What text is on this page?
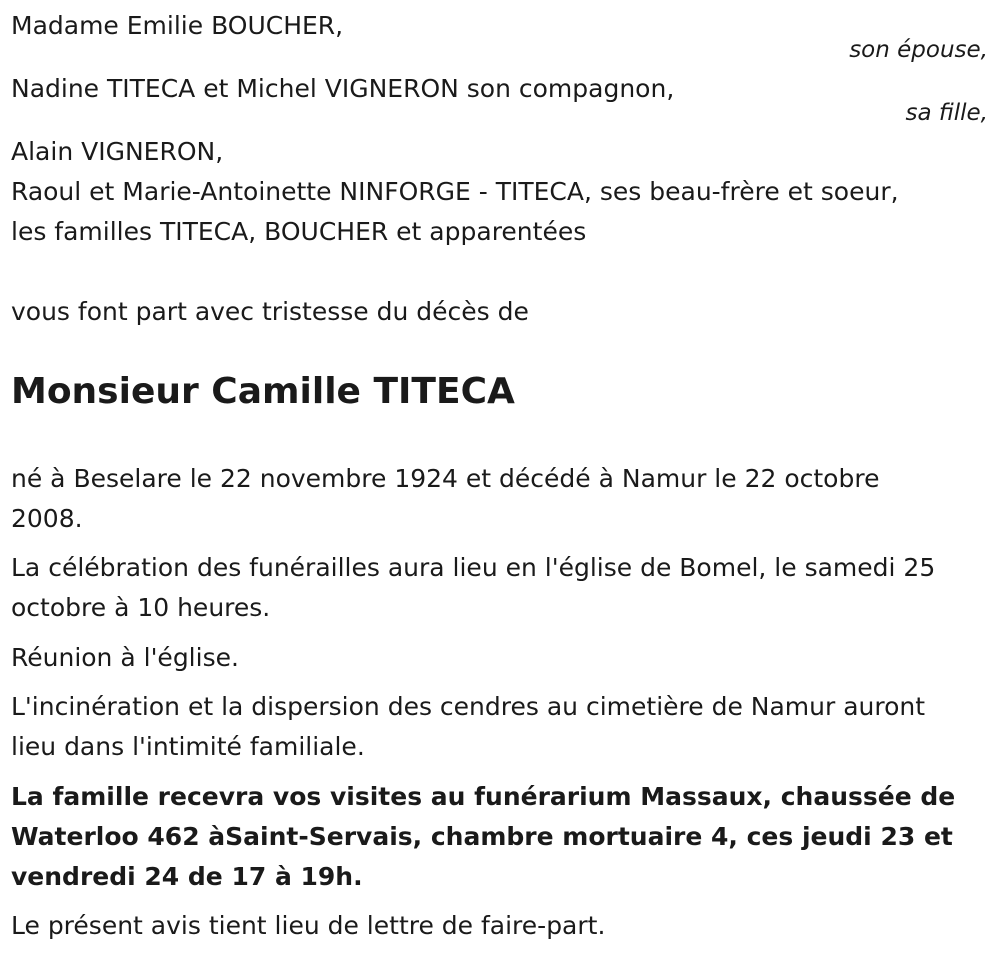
Madame Emilie BOUCHER,

son épouse,

Nadine TITECA et Michel VIGNERON son compagnon,

sa fille,

Alain VIGNERON,

Raoul et Marie-Antoinette NINFORGE - TITECA, ses beau-frère et soeur,

les familles TITECA, BOUCHER et apparentées

vous font part avec tristesse du décès de

Monsieur Camille TITECA

né à Beselare le 22 novembre 1924 et décédé à Namur le 22 octobre

2008.

La célébration des funérailles aura lieu en l'église de Bomel, le samedi 25

octobre à 10 heures.

Réunion à l'église.

L'incinération et la dispersion des cendres au cimetière de Namur auront

lieu dans l'intimité familiale.

La famille recevra vos visites au funérarium Massaux, chaussée de

Waterloo 462 àSaint-Servais, chambre mortuaire 4, ces jeudi 23 et

vendredi 24 de 17 à 19h.

Le présent avis tient lieu de lettre de faire-part.
